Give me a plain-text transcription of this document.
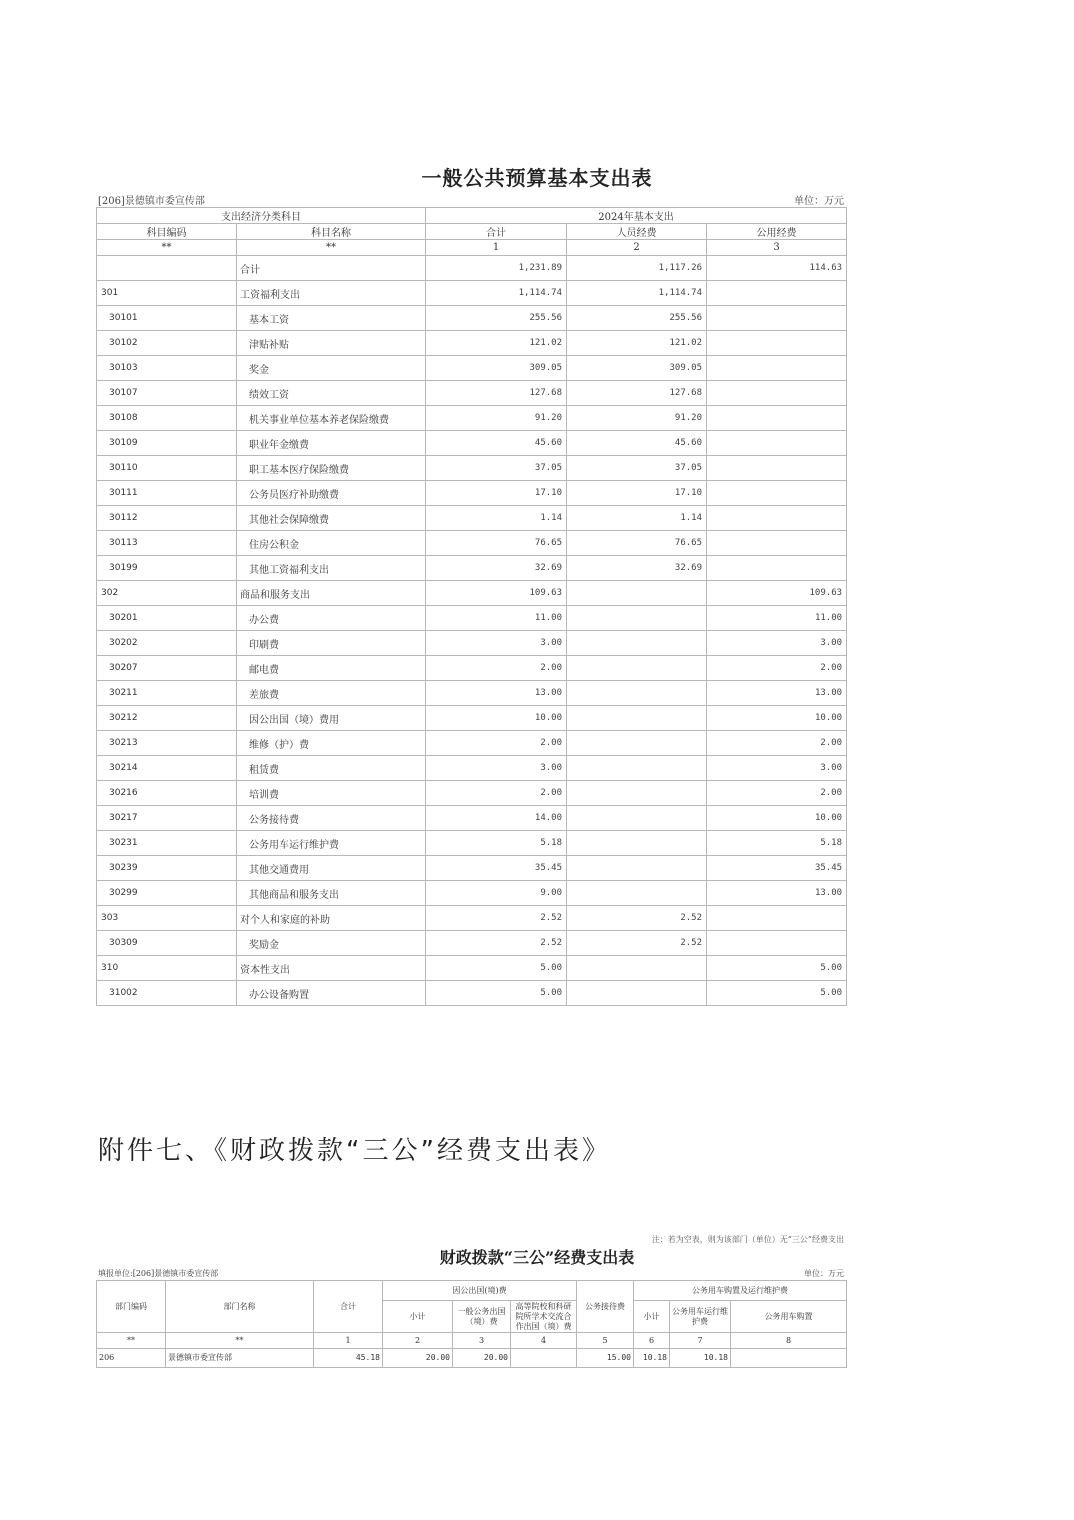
一般公共预算基本支出表
[206]景德镇市委宣传部	单位：万元
支出经济分类科目		2024年基本支出		
科目编码	科目名称	合计	人员经费	公用经费
**	**	1	2	3
	合计	1,231.89	1,117.26	114.63
301	工资福利支出	1,114.74	1,114.74	
30101	基本工资	255.56	255.56	
30102	津贴补贴	121.02	121.02	
30103	奖金	309.05	309.05	
30107	绩效工资	127.68	127.68	
30108	机关事业单位基本养老保险缴费	91.20	91.20	
30109	职业年金缴费	45.60	45.60	
30110	职工基本医疗保险缴费	37.05	37.05	
30111	公务员医疗补助缴费	17.10	17.10	
30112	其他社会保障缴费	1.14	1.14	
30113	住房公积金	76.65	76.65	
30199	其他工资福利支出	32.69	32.69	
302	商品和服务支出	109.63		109.63
30201	办公费	11.00		11.00
30202	印刷费	3.00		3.00
30207	邮电费	2.00		2.00
30211	差旅费	13.00		13.00
30212	因公出国（境）费用	10.00		10.00
30213	维修（护）费	2.00		2.00
30214	租赁费	3.00		3.00
30216	培训费	2.00		2.00
30217	公务接待费	14.00		10.00
30231	公务用车运行维护费	5.18		5.18
30239	其他交通费用	35.45		35.45
30299	其他商品和服务支出	9.00		13.00
303	对个人和家庭的补助	2.52	2.52	
30309	奖励金	2.52	2.52	
310	资本性支出	5.00		5.00
31002	办公设备购置	5.00		5.00
附件七、《财政拨款“三公”经费支出表》
注：若为空表，则为该部门（单位）无“三公”经费支出
财政拨款“三公”经费支出表
填报单位:[206]景德镇市委宣传部	单位：万元
部门编码	部门名称	合计	因公出国(境)费			公务接待费	公务用车购置及运行维护费		
			小计	一般公务出国（境）费	高等院校和科研院所学术交流合作出国（境）费		小计	公务用车运行维护费	公务用车购置
**	**	1	2	3	4	5	6	7	8
206	景德镇市委宣传部	45.18	20.00	20.00		15.00	10.18	10.18	
